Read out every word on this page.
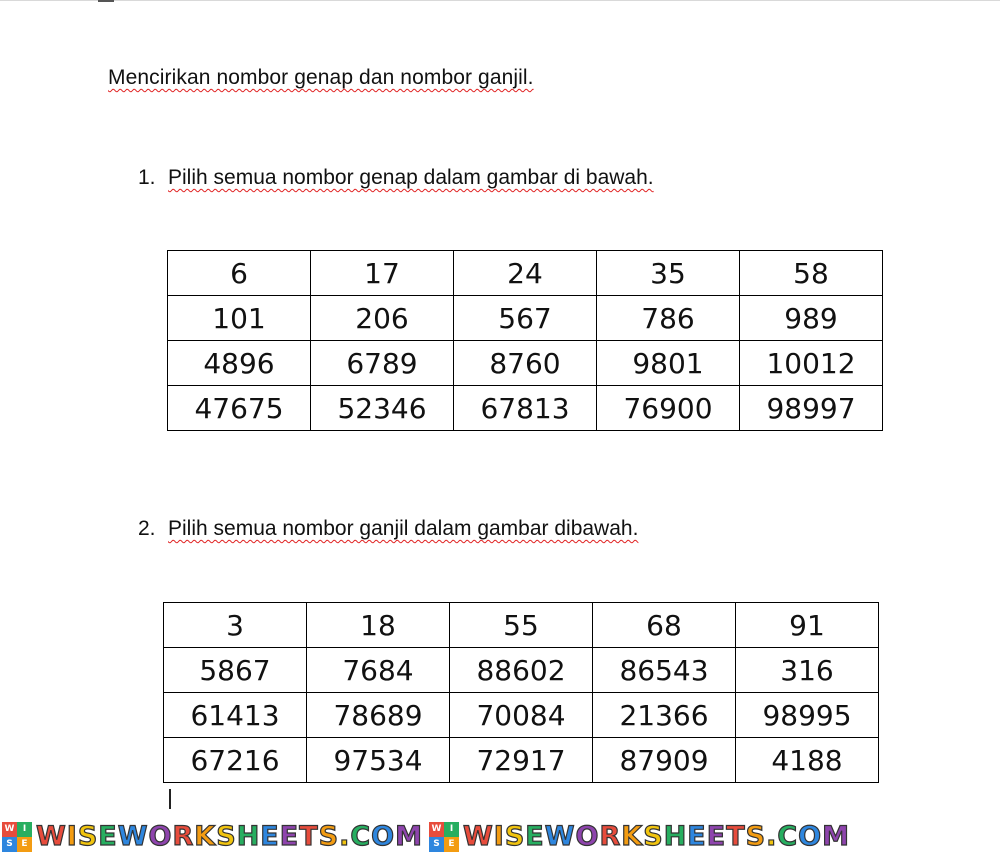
Mencirikan nombor genap dan nombor ganjil.
1. Pilih semua nombor genap dalam gambar di bawah.
6	17	24	35	58
101	206	567	786	989
4896	6789	8760	9801	10012
47675	52346	67813	76900	98997
2. Pilih semua nombor ganjil dalam gambar dibawah.
3	18	55	68	91
5867	7684	88602	86543	316
61413	78689	70084	21366	98995
67216	97534	72917	87909	4188
W I
S E WISEWORKSHEETS.COM W I
S E WISEWORKSHEETS.COM
